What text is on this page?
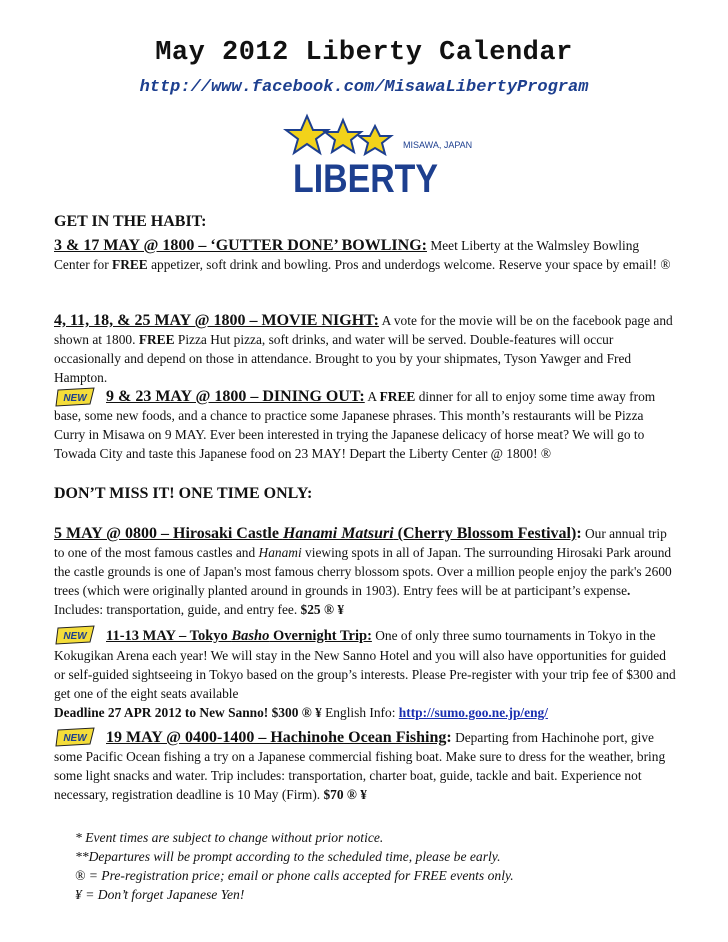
May 2012 Liberty Calendar
http://www.facebook.com/MisawaLibertyProgram
MISAWA, JAPAN
LIBERTY
GET IN THE HABIT:

3 & 17 MAY @ 1800 – ‘GUTTER DONE’ BOWLING: Meet Liberty at the Walmsley Bowling Center for FREE appetizer, soft drink and bowling. Pros and underdogs welcome. Reserve your space by email! ®

4, 11, 18, & 25 MAY @ 1800 – MOVIE NIGHT: A vote for the movie will be on the facebook page and shown at 1800. FREE Pizza Hut pizza, soft drinks, and water will be served. Double-features will occur occasionally and depend on those in attendance. Brought to you by your shipmates, Tyson Yawger and Fred Hampton.

NEW	9 & 23 MAY @ 1800 – DINING OUT: A FREE dinner for all to enjoy some time away from base, some new foods, and a chance to practice some Japanese phrases. This month’s restaurants will be Pizza Curry in Misawa on 9 MAY. Ever been interested in trying the Japanese delicacy of horse meat? We will go to Towada City and taste this Japanese food on 23 MAY! Depart the Liberty Center @ 1800! ®

DON’T MISS IT! ONE TIME ONLY:

5 MAY @ 0800 – Hirosaki Castle Hanami Matsuri (Cherry Blossom Festival): Our annual trip to one of the most famous castles and Hanami viewing spots in all of Japan. The surrounding Hirosaki Park around the castle grounds is one of Japan's most famous cherry blossom spots. Over a million people enjoy the park's 2600 trees (which were originally planted around in grounds in 1903). Entry fees will be at participant’s expense. Includes: transportation, guide, and entry fee. $25 ® ¥

NEW	11-13 MAY – Tokyo Basho Overnight Trip: One of only three sumo tournaments in Tokyo in the Kokugikan Arena each year! We will stay in the New Sanno Hotel and you will also have opportunities for guided or self-guided sightseeing in Tokyo based on the group’s interests. Please Pre-register with your trip fee of $300 and get one of the eight seats available
Deadline 27 APR 2012 to New Sanno! $300 ® ¥ English Info: http://sumo.goo.ne.jp/eng/

NEW	19 MAY @ 0400-1400 – Hachinohe Ocean Fishing: Departing from Hachinohe port, give some Pacific Ocean fishing a try on a Japanese commercial fishing boat. Make sure to dress for the weather, bring some light snacks and water. Trip includes: transportation, charter boat, guide, tackle and bait. Experience not necessary, registration deadline is 10 May (Firm). $70 ® ¥

* Event times are subject to change without prior notice.
**Departures will be prompt according to the scheduled time, please be early.
® = Pre-registration price; email or phone calls accepted for FREE events only.
¥ = Don’t forget Japanese Yen!
